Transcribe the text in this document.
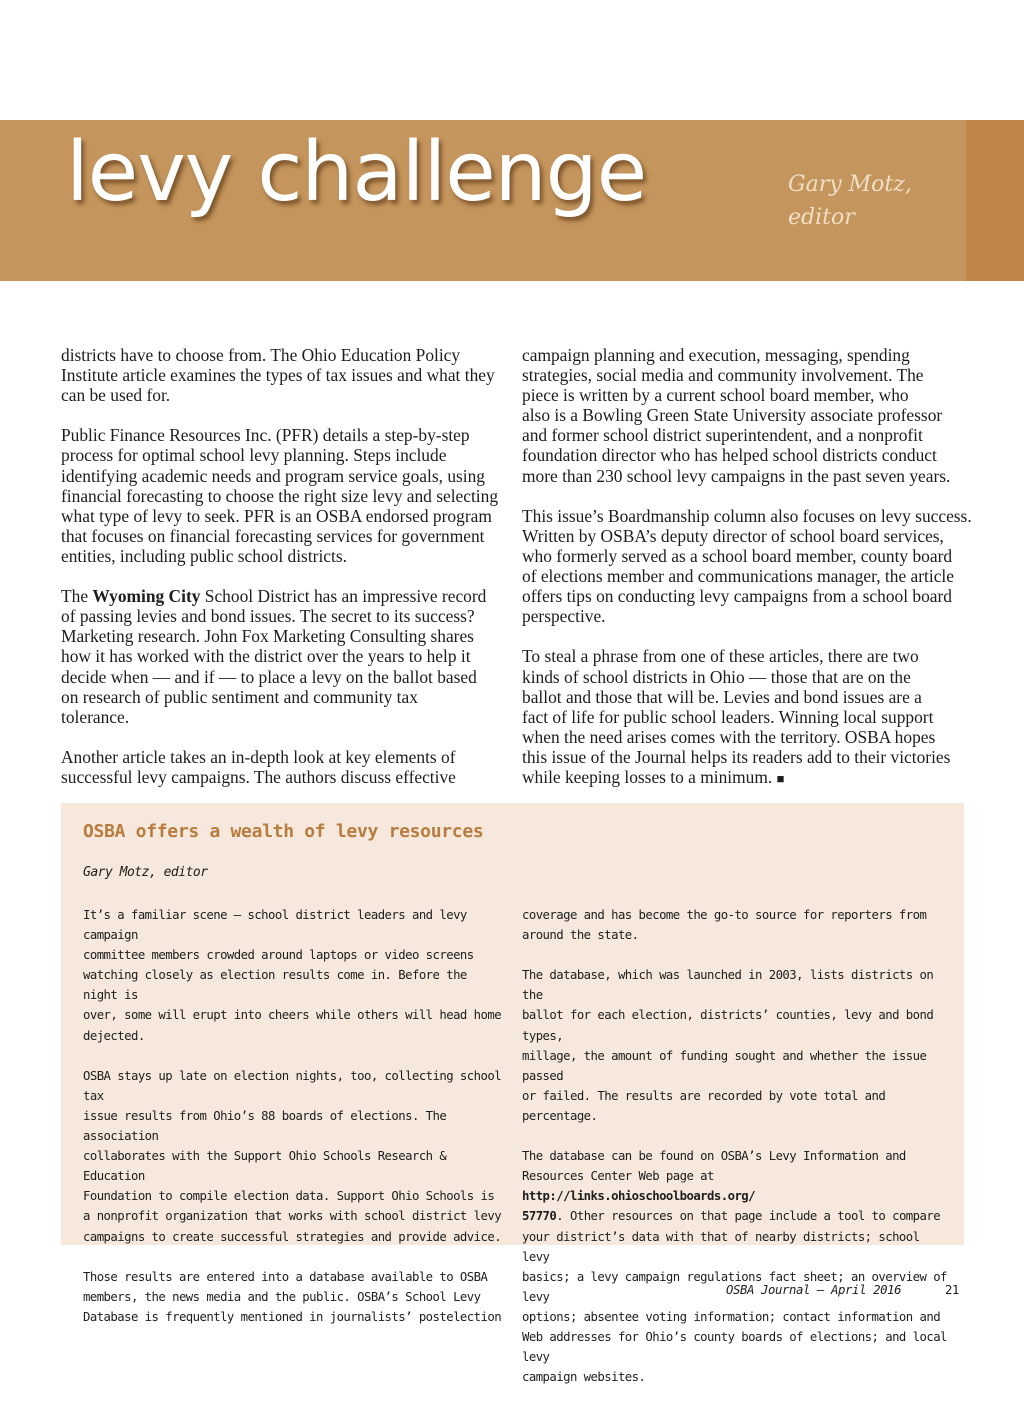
levy challenge	Gary Motz,
editor

districts have to choose from. The Ohio Education Policy
Institute article examines the types of tax issues and what they
can be used for.

Public Finance Resources Inc. (PFR) details a step-by-step
process for optimal school levy planning. Steps include
identifying academic needs and program service goals, using
financial forecasting to choose the right size levy and selecting
what type of levy to seek. PFR is an OSBA endorsed program
that focuses on financial forecasting services for government
entities, including public school districts.

The Wyoming City School District has an impressive record
of passing levies and bond issues. The secret to its success?
Marketing research. John Fox Marketing Consulting shares
how it has worked with the district over the years to help it
decide when — and if — to place a levy on the ballot based
on research of public sentiment and community tax
tolerance.

Another article takes an in-depth look at key elements of
successful levy campaigns. The authors discuss effective

campaign planning and execution, messaging, spending
strategies, social media and community involvement. The
piece is written by a current school board member, who
also is a Bowling Green State University associate professor
and former school district superintendent, and a nonprofit
foundation director who has helped school districts conduct
more than 230 school levy campaigns in the past seven years.

This issue’s Boardmanship column also focuses on levy success.
Written by OSBA’s deputy director of school board services,
who formerly served as a school board member, county board
of elections member and communications manager, the article
offers tips on conducting levy campaigns from a school board
perspective.

To steal a phrase from one of these articles, there are two
kinds of school districts in Ohio — those that are on the
ballot and those that will be. Levies and bond issues are a
fact of life for public school leaders. Winning local support
when the need arises comes with the territory. OSBA hopes
this issue of the Journal helps its readers add to their victories
while keeping losses to a minimum. ■

OSBA offers a wealth of levy resources
Gary Motz, editor

It’s a familiar scene — school district leaders and levy campaign
committee members crowded around laptops or video screens
watching closely as election results come in. Before the night is
over, some will erupt into cheers while others will head home
dejected.

OSBA stays up late on election nights, too, collecting school tax
issue results from Ohio’s 88 boards of elections. The association
collaborates with the Support Ohio Schools Research & Education
Foundation to compile election data. Support Ohio Schools is
a nonprofit organization that works with school district levy
campaigns to create successful strategies and provide advice.

Those results are entered into a database available to OSBA
members, the news media and the public. OSBA’s School Levy
Database is frequently mentioned in journalists’ postelection

coverage and has become the go-to source for reporters from
around the state.

The database, which was launched in 2003, lists districts on the
ballot for each election, districts’ counties, levy and bond types,
millage, the amount of funding sought and whether the issue passed
or failed. The results are recorded by vote total and percentage.

The database can be found on OSBA’s Levy Information and
Resources Center Web page at http://links.ohioschoolboards.org/
57770. Other resources on that page include a tool to compare
your district’s data with that of nearby districts; school levy
basics; a levy campaign regulations fact sheet; an overview of levy
options; absentee voting information; contact information and
Web addresses for Ohio’s county boards of elections; and local levy
campaign websites.

OSBA Journal — April 2016	21
